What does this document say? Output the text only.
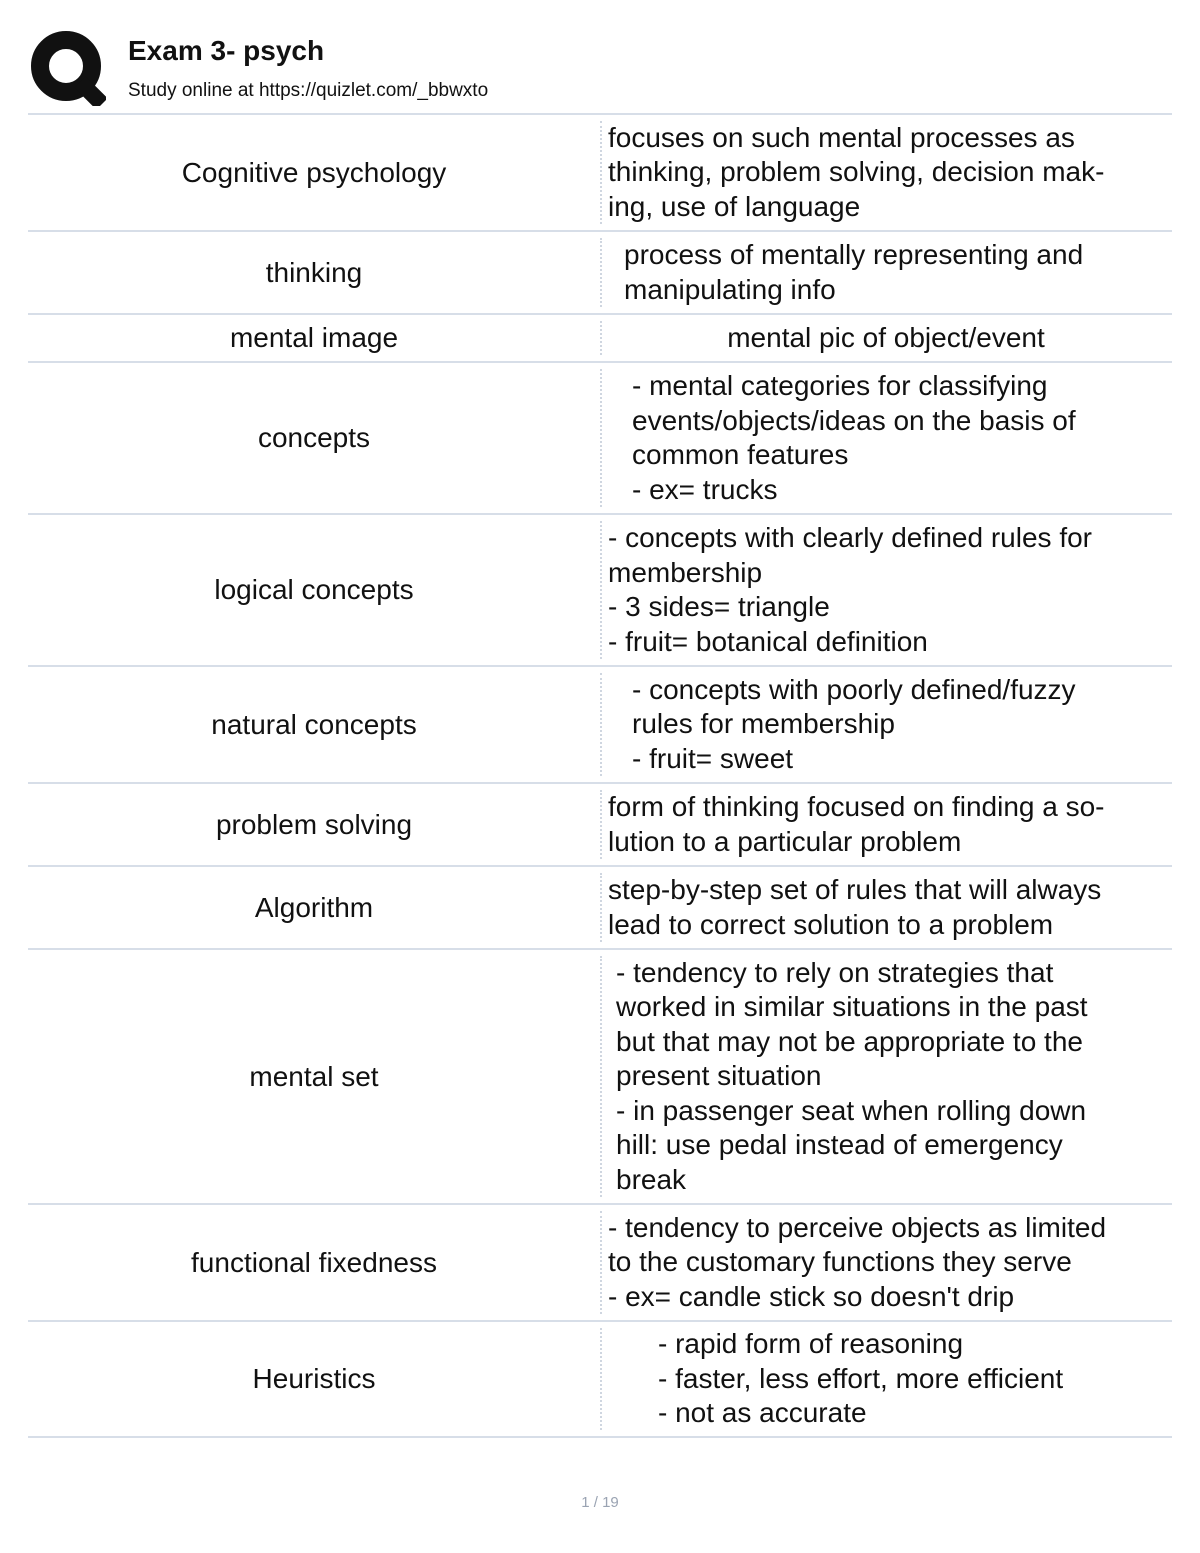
Exam 3- psych
Study online at https://quizlet.com/_bbwxto
Cognitive psychology
focuses on such mental processes as
thinking, problem solving, decision mak-
ing, use of language
thinking
process of mentally representing and
manipulating info
mental image	mental pic of object/event
concepts
- mental categories for classifying
events/objects/ideas on the basis of
common features
- ex= trucks
logical concepts
- concepts with clearly defined rules for
membership
- 3 sides= triangle
- fruit= botanical definition
natural concepts
- concepts with poorly defined/fuzzy
rules for membership
- fruit= sweet
problem solving
form of thinking focused on finding a so-
lution to a particular problem
Algorithm
step-by-step set of rules that will always
lead to correct solution to a problem
mental set
- tendency to rely on strategies that
worked in similar situations in the past
but that may not be appropriate to the
present situation
- in passenger seat when rolling down
hill: use pedal instead of emergency
break
functional fixedness
- tendency to perceive objects as limited
to the customary functions they serve
- ex= candle stick so doesn't drip
Heuristics
- rapid form of reasoning
- faster, less effort, more efficient
- not as accurate
1 / 19
